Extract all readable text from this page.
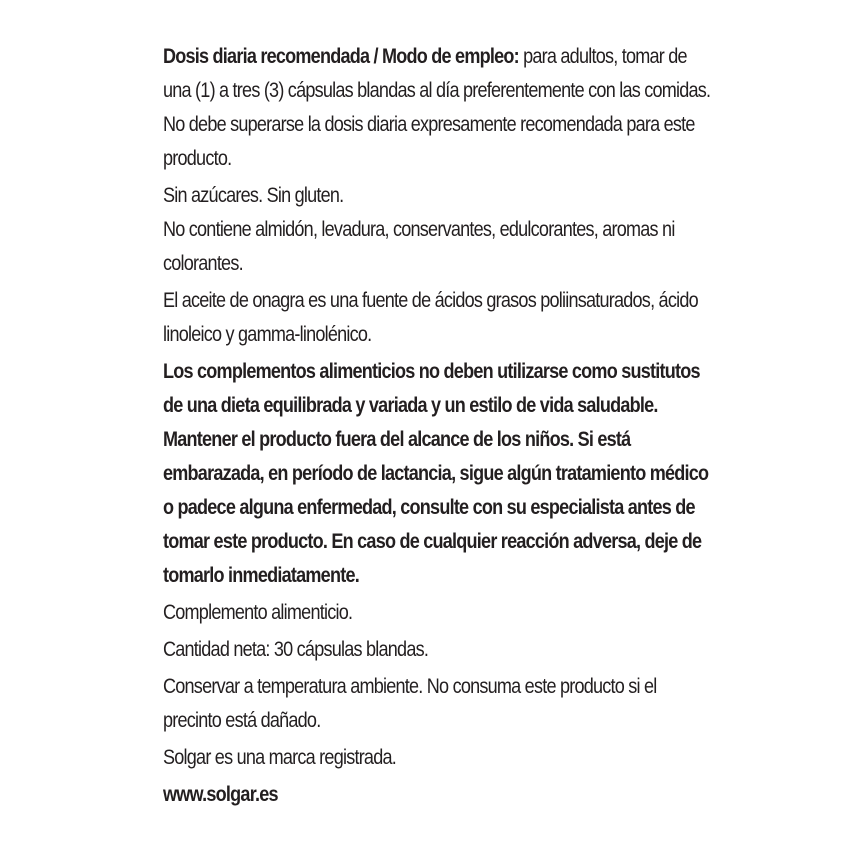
Dosis diaria recomendada / Modo de empleo: para adultos, tomar de una (1) a tres (3) cápsulas blandas al día preferentemente con las comidas. No debe superarse la dosis diaria expresamente recomendada para este producto.
Sin azúcares. Sin gluten.
No contiene almidón, levadura, conservantes, edulcorantes, aromas ni colorantes.
El aceite de onagra es una fuente de ácidos grasos poliinsaturados, ácido linoleico y gamma-linolénico.
Los complementos alimenticios no deben utilizarse como sustitutos de una dieta equilibrada y variada y un estilo de vida saludable. Mantener el producto fuera del alcance de los niños. Si está embarazada, en período de lactancia, sigue algún tratamiento médico o padece alguna enfermedad, consulte con su especialista antes de tomar este producto. En caso de cualquier reacción adversa, deje de tomarlo inmediatamente.
Complemento alimenticio.
Cantidad neta: 30 cápsulas blandas.
Conservar a temperatura ambiente. No consuma este producto si el precinto está dañado.
Solgar es una marca registrada.
www.solgar.es
